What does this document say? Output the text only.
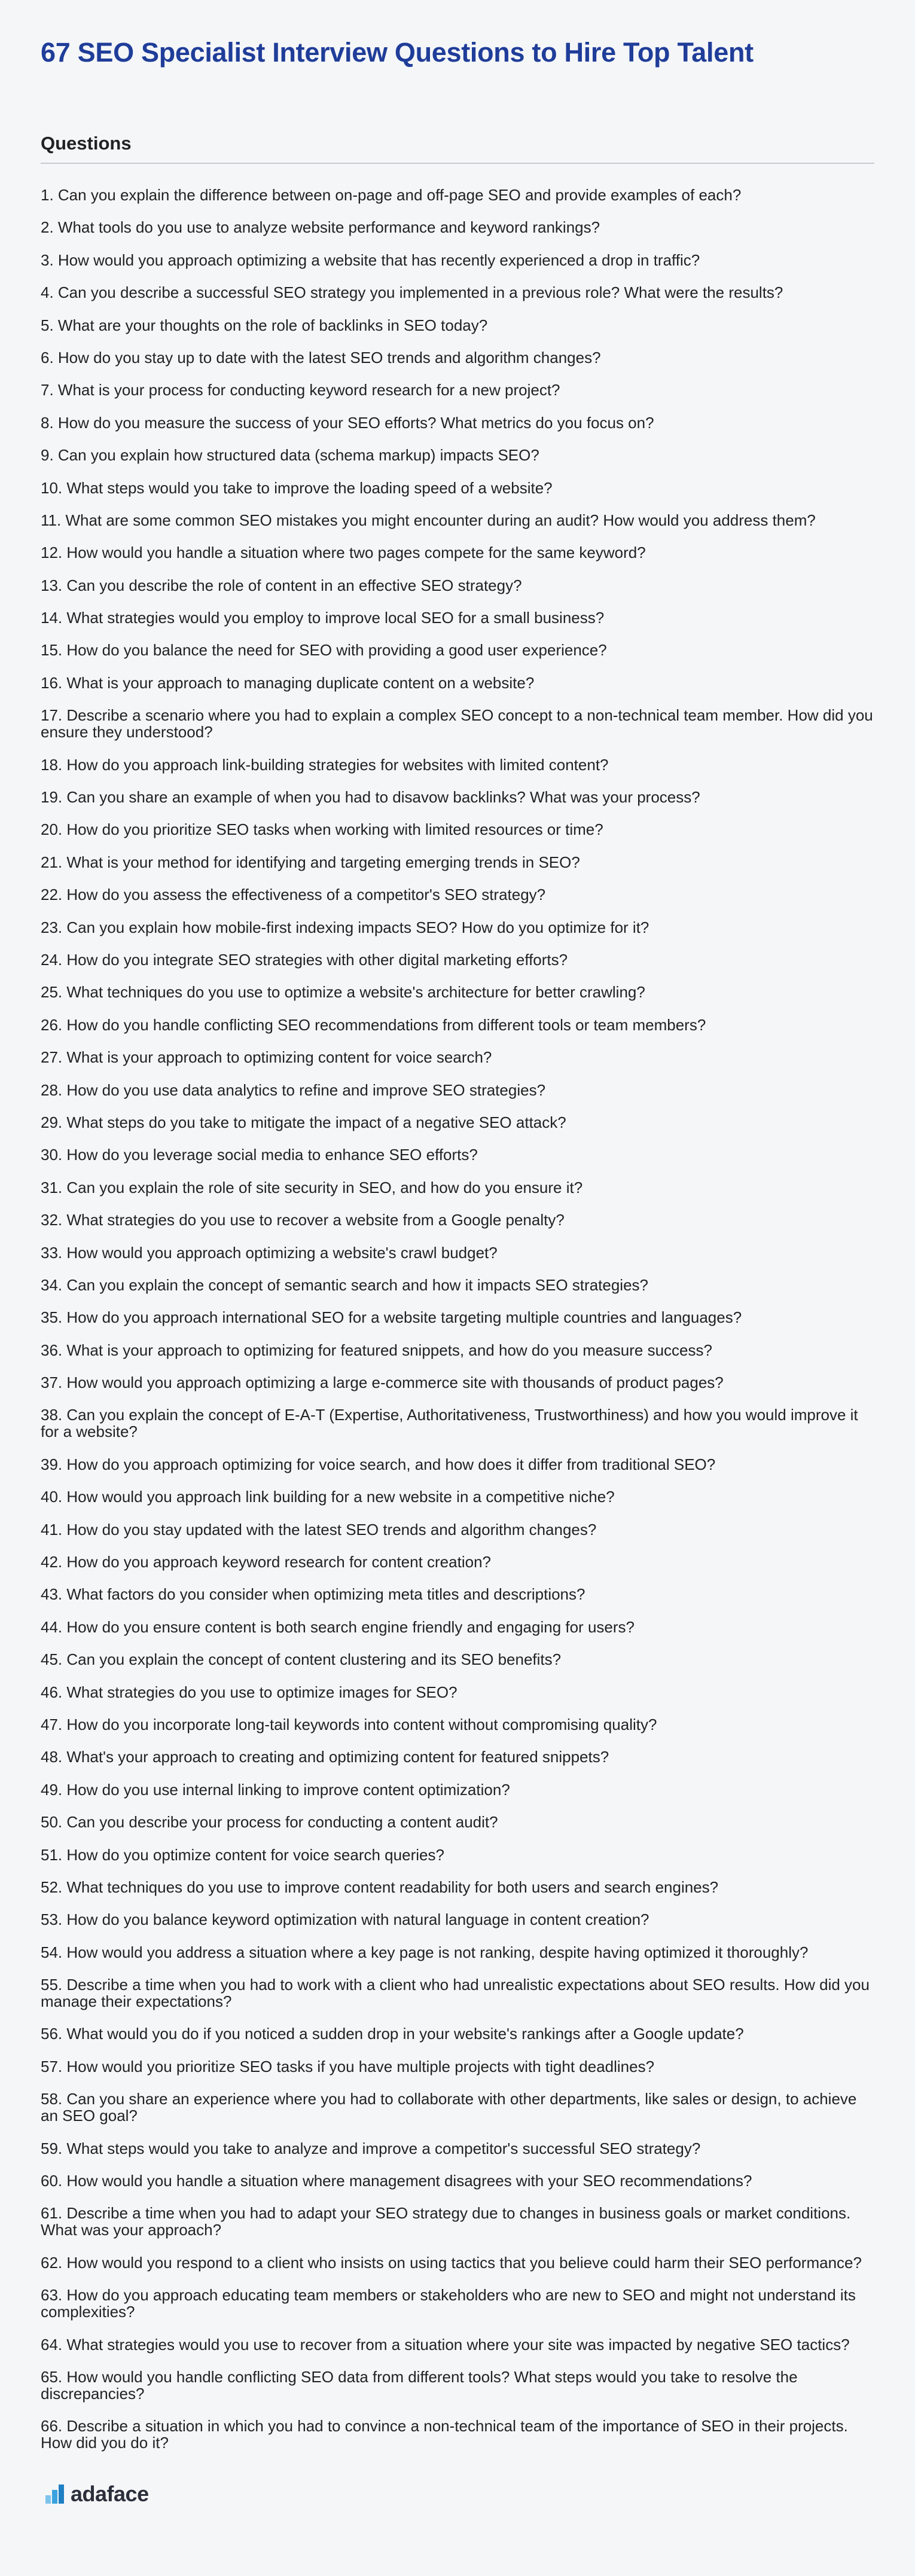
67 SEO Specialist Interview Questions to Hire Top Talent
Questions
1. Can you explain the difference between on-page and off-page SEO and provide examples of each?
2. What tools do you use to analyze website performance and keyword rankings?
3. How would you approach optimizing a website that has recently experienced a drop in traffic?
4. Can you describe a successful SEO strategy you implemented in a previous role? What were the results?
5. What are your thoughts on the role of backlinks in SEO today?
6. How do you stay up to date with the latest SEO trends and algorithm changes?
7. What is your process for conducting keyword research for a new project?
8. How do you measure the success of your SEO efforts? What metrics do you focus on?
9. Can you explain how structured data (schema markup) impacts SEO?
10. What steps would you take to improve the loading speed of a website?
11. What are some common SEO mistakes you might encounter during an audit? How would you address them?
12. How would you handle a situation where two pages compete for the same keyword?
13. Can you describe the role of content in an effective SEO strategy?
14. What strategies would you employ to improve local SEO for a small business?
15. How do you balance the need for SEO with providing a good user experience?
16. What is your approach to managing duplicate content on a website?
17. Describe a scenario where you had to explain a complex SEO concept to a non-technical team member. How did you ensure they understood?
18. How do you approach link-building strategies for websites with limited content?
19. Can you share an example of when you had to disavow backlinks? What was your process?
20. How do you prioritize SEO tasks when working with limited resources or time?
21. What is your method for identifying and targeting emerging trends in SEO?
22. How do you assess the effectiveness of a competitor's SEO strategy?
23. Can you explain how mobile-first indexing impacts SEO? How do you optimize for it?
24. How do you integrate SEO strategies with other digital marketing efforts?
25. What techniques do you use to optimize a website's architecture for better crawling?
26. How do you handle conflicting SEO recommendations from different tools or team members?
27. What is your approach to optimizing content for voice search?
28. How do you use data analytics to refine and improve SEO strategies?
29. What steps do you take to mitigate the impact of a negative SEO attack?
30. How do you leverage social media to enhance SEO efforts?
31. Can you explain the role of site security in SEO, and how do you ensure it?
32. What strategies do you use to recover a website from a Google penalty?
33. How would you approach optimizing a website's crawl budget?
34. Can you explain the concept of semantic search and how it impacts SEO strategies?
35. How do you approach international SEO for a website targeting multiple countries and languages?
36. What is your approach to optimizing for featured snippets, and how do you measure success?
37. How would you approach optimizing a large e-commerce site with thousands of product pages?
38. Can you explain the concept of E-A-T (Expertise, Authoritativeness, Trustworthiness) and how you would improve it for a website?
39. How do you approach optimizing for voice search, and how does it differ from traditional SEO?
40. How would you approach link building for a new website in a competitive niche?
41. How do you stay updated with the latest SEO trends and algorithm changes?
42. How do you approach keyword research for content creation?
43. What factors do you consider when optimizing meta titles and descriptions?
44. How do you ensure content is both search engine friendly and engaging for users?
45. Can you explain the concept of content clustering and its SEO benefits?
46. What strategies do you use to optimize images for SEO?
47. How do you incorporate long-tail keywords into content without compromising quality?
48. What's your approach to creating and optimizing content for featured snippets?
49. How do you use internal linking to improve content optimization?
50. Can you describe your process for conducting a content audit?
51. How do you optimize content for voice search queries?
52. What techniques do you use to improve content readability for both users and search engines?
53. How do you balance keyword optimization with natural language in content creation?
54. How would you address a situation where a key page is not ranking, despite having optimized it thoroughly?
55. Describe a time when you had to work with a client who had unrealistic expectations about SEO results. How did you manage their expectations?
56. What would you do if you noticed a sudden drop in your website's rankings after a Google update?
57. How would you prioritize SEO tasks if you have multiple projects with tight deadlines?
58. Can you share an experience where you had to collaborate with other departments, like sales or design, to achieve an SEO goal?
59. What steps would you take to analyze and improve a competitor's successful SEO strategy?
60. How would you handle a situation where management disagrees with your SEO recommendations?
61. Describe a time when you had to adapt your SEO strategy due to changes in business goals or market conditions. What was your approach?
62. How would you respond to a client who insists on using tactics that you believe could harm their SEO performance?
63. How do you approach educating team members or stakeholders who are new to SEO and might not understand its complexities?
64. What strategies would you use to recover from a situation where your site was impacted by negative SEO tactics?
65. How would you handle conflicting SEO data from different tools? What steps would you take to resolve the discrepancies?
66. Describe a situation in which you had to convince a non-technical team of the importance of SEO in their projects. How did you do it?
adaface
